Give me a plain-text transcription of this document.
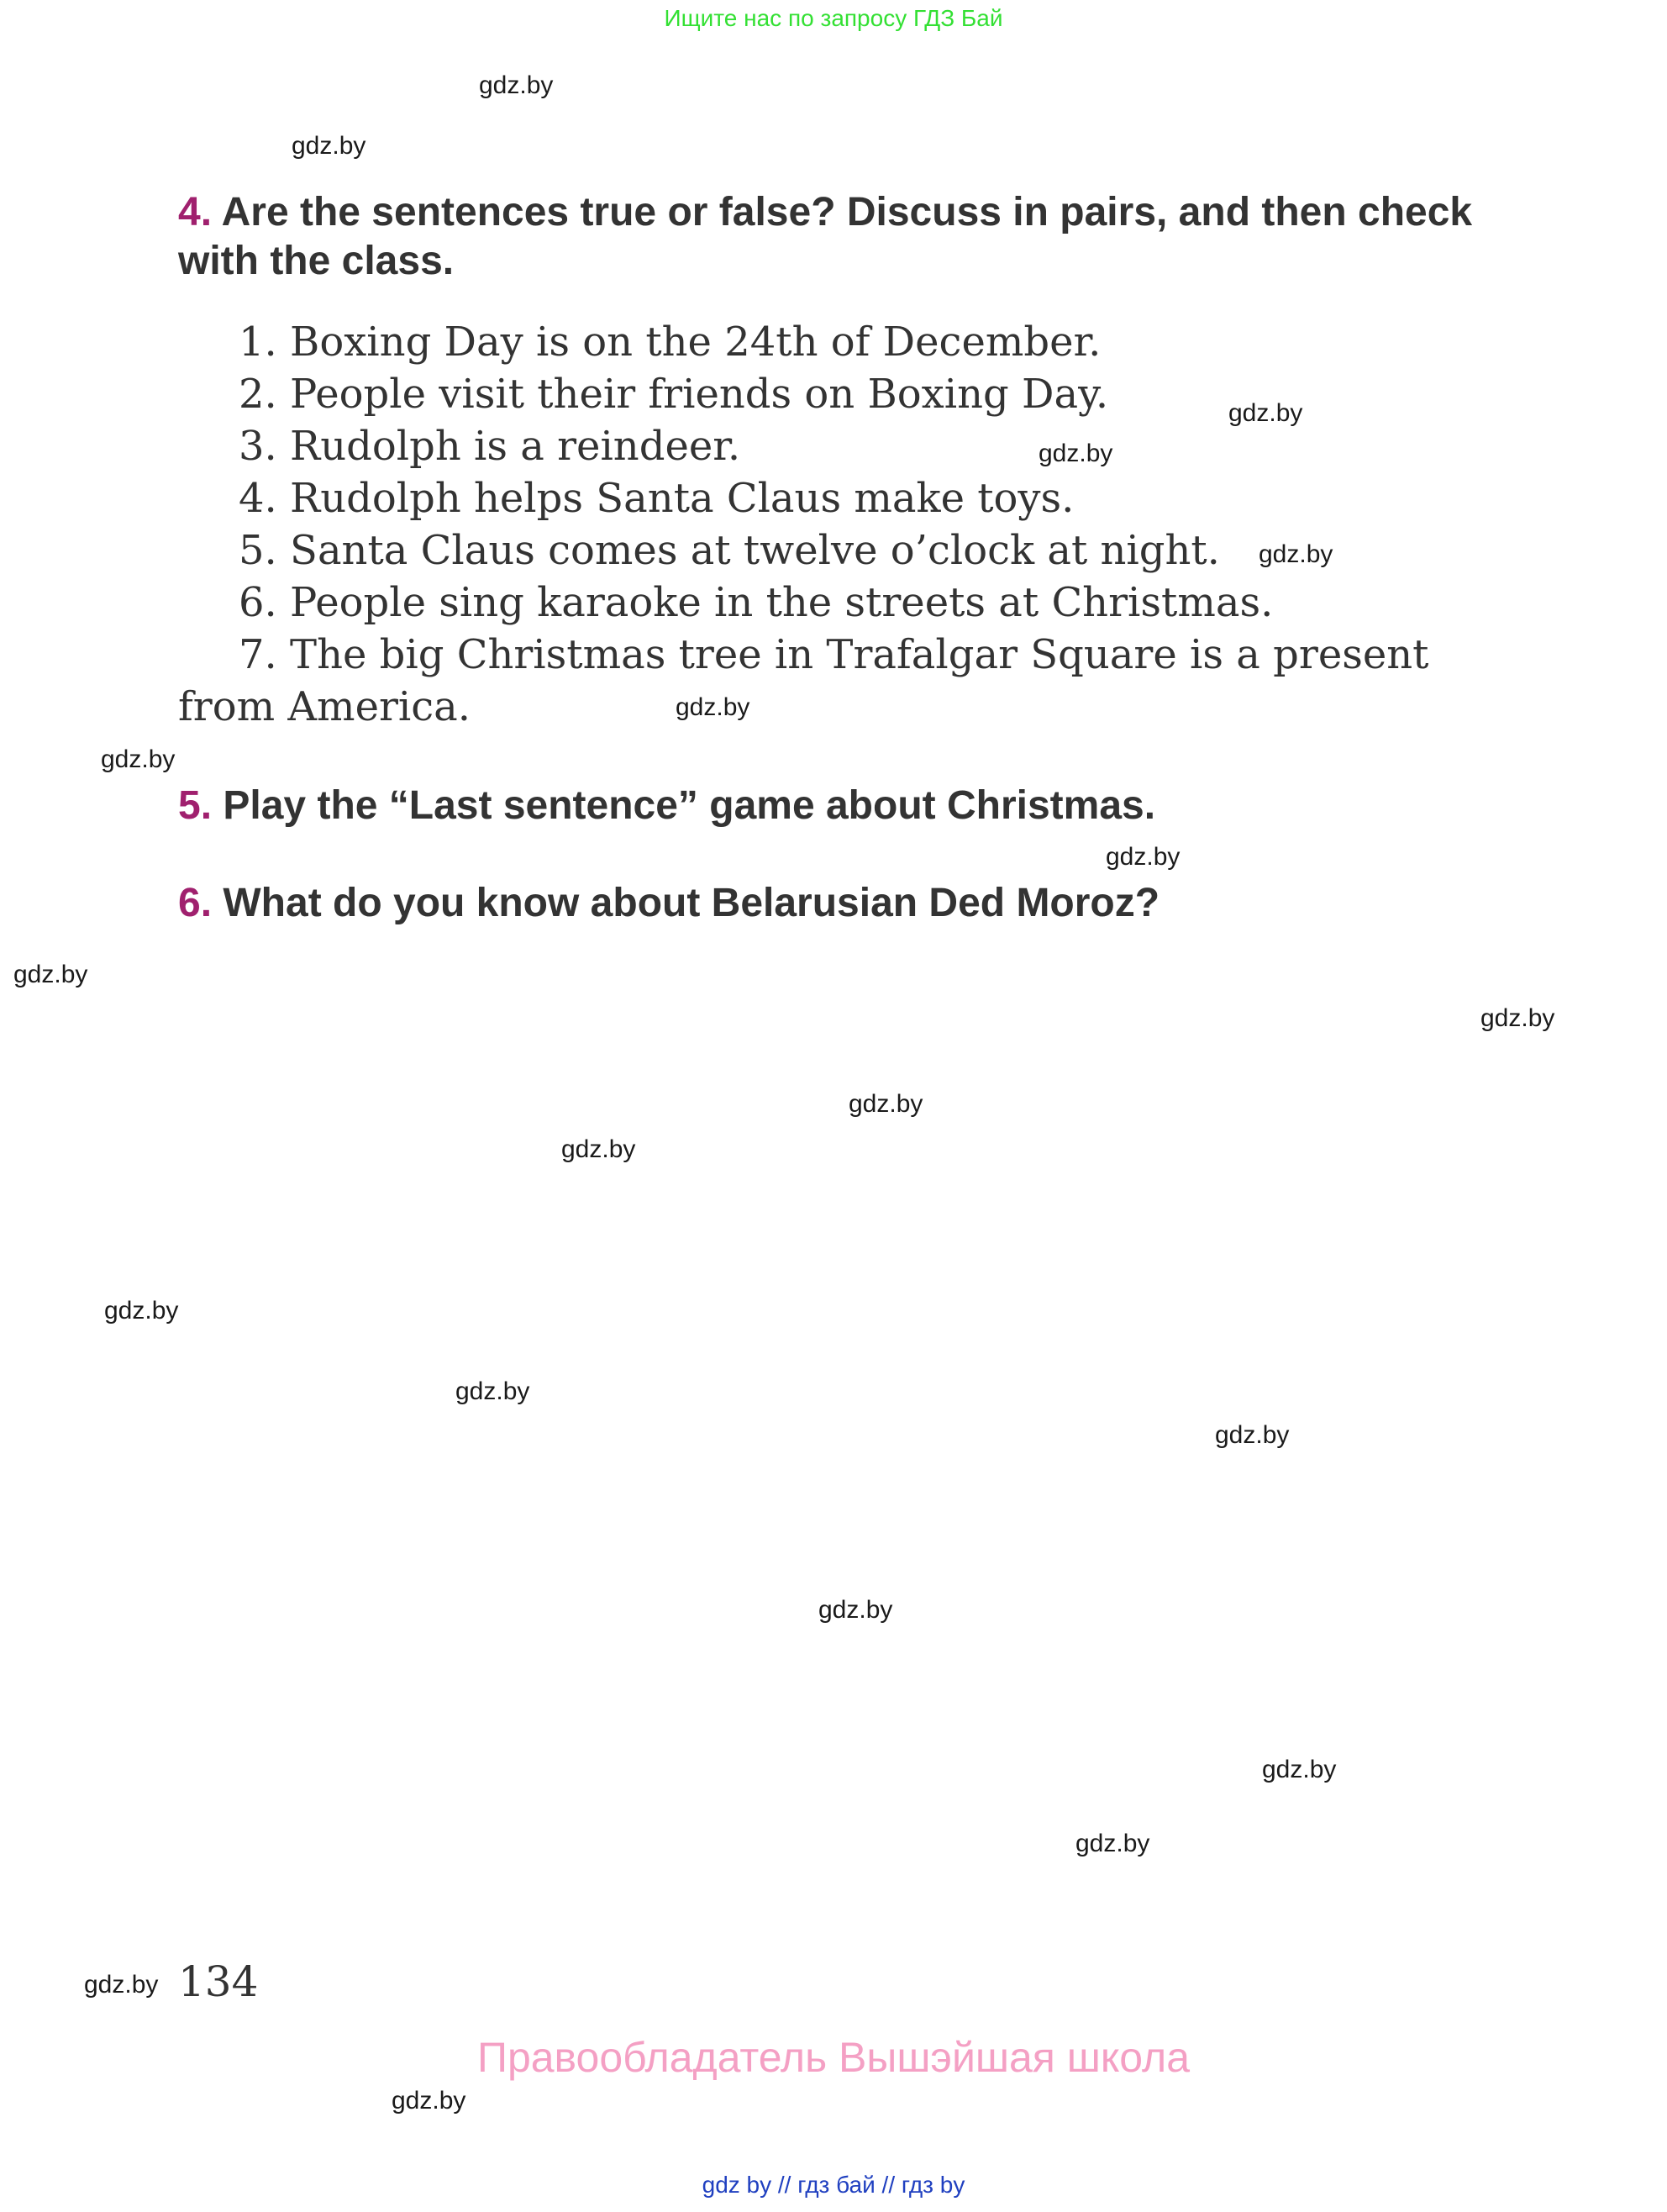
Ищите нас по запросу ГДЗ Бай
gdz.by
gdz.by
4. Are the sentences true or false? Discuss in pairs, and then check with the class.
1. Boxing Day is on the 24th of December.
2. People visit their friends on Boxing Day.
3. Rudolph is a reindeer.
4. Rudolph helps Santa Claus make toys.
5. Santa Claus comes at twelve o’clock at night.
6. People sing karaoke in the streets at Christmas.
7. The big Christmas tree in Trafalgar Square is a present from America.
gdz.by
gdz.by
gdz.by
gdz.by
gdz.by
5. Play the “Last sentence” game about Christmas.
gdz.by
6. What do you know about Belarusian Ded Moroz?
gdz.by
gdz.by
gdz.by
gdz.by
gdz.by
gdz.by
gdz.by
gdz.by
gdz.by
gdz.by
gdz.by 134
Правообладатель Вышэйшая школа
gdz.by
gdz by // гдз бай // гдз by
